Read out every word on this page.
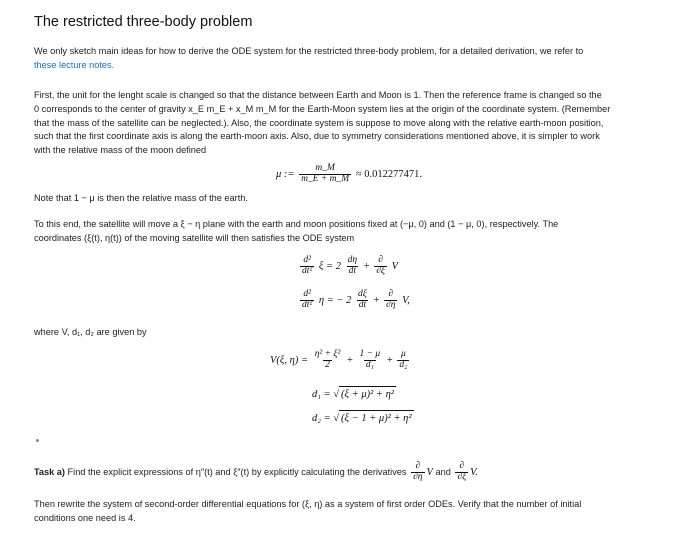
The restricted three-body problem
We only sketch main ideas for how to derive the ODE system for the restricted three-body problem, for a detailed derivation, we refer to
these lecture notes.
First, the unit for the lenght scale is changed so that the distance between Earth and Moon is 1. Then the reference frame is changed so the
0 corresponds to the center of gravity x_E m_E + x_M m_M for the Earth-Moon system lies at the origin of the coordinate system. (Remember
that the mass of the satellite can be neglected.). Also, the coordinate system is suppose to move along with the relative earth-moon position,
such that the first coordinate axis is along the earth-moon axis. Also, due to symmetry considerations mentioned above, it is simpler to work
with the relative mass of the moon defined
μ := $\frac{m\_M}{m\_E + m\_M} \approx 0.012277471$.
Note that 1 − μ is then the relative mass of the earth.
To this end, the satellite will move a ξ − η plane with the earth and moon positions fixed at (−μ, 0) and (1 − μ, 0), respectively. The
coordinates (ξ(t), η(t)) of the moving satellite will then satisfies the ODE system
$\frac{\text{d²}}{\text{dt²}}$ $\xi = 2 \frac{d\eta}{dt} + \frac{\partial}{\partial\xi}$ V
$\frac{\text{d²}}{\text{dt²}}$ η = − $2 \frac{d\xi}{dt} + \frac{\partial}{\partial\eta} V$,
where V, d₁, d₂ are given by
V(ξ, $\eta) = \frac{\text{η² + ξ²}}{2} + \frac{1 - \mu}{\text{d₁}} + \frac{\mu}{\text{d₂}}$
d₁ = √ (ξ + μ)² + η²
d₂ = √ (ξ − 1 + μ)² + η²
Task a) Find the explicit expressions of η″(t) and ξ″(t) by explicitly calculating the derivatives $\frac{\partial}{\partial\eta}$ V and $\frac{\partial}{\partial\xi} V$.
Then rewrite the system of second-order differential equations for (ξ, η) as a system of first order ODEs. Verify that the number of initial
conditions one need is 4.
